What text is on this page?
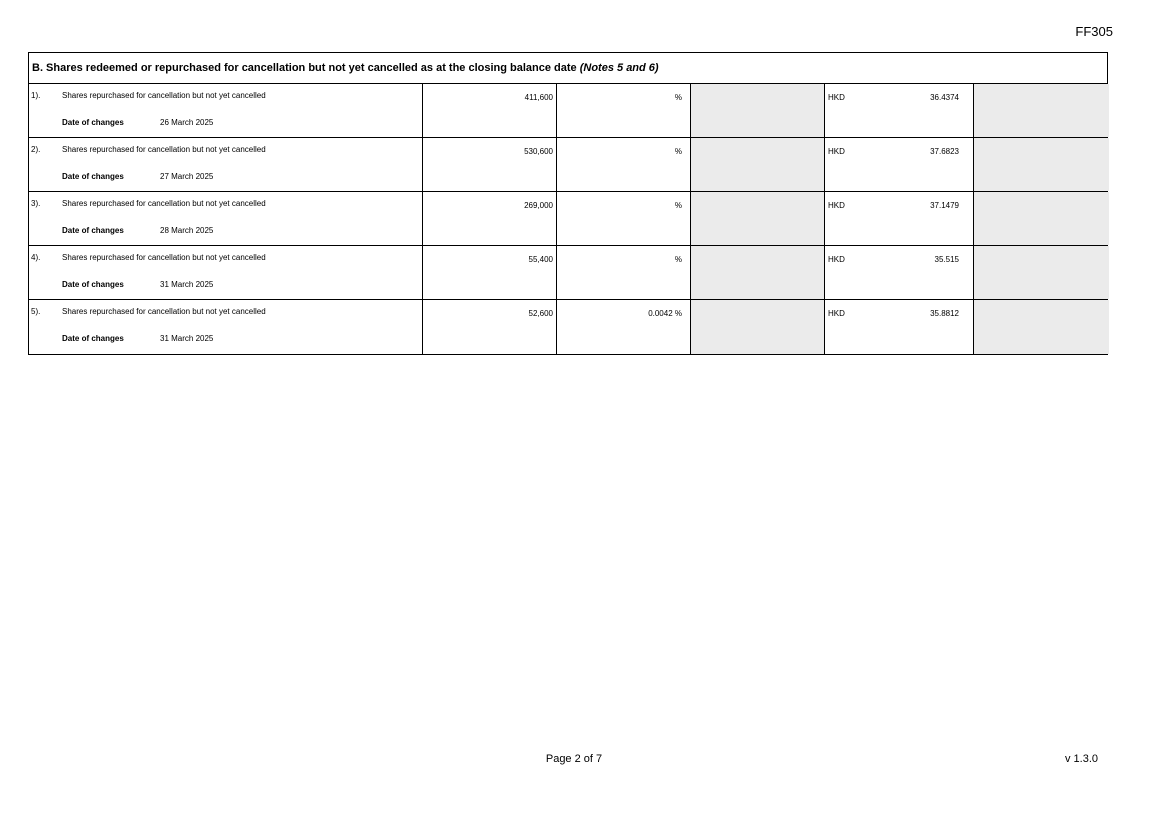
FF305
B. Shares redeemed or repurchased for cancellation but not yet cancelled as at the closing balance date (Notes 5 and 6)
1).	Shares repurchased for cancellation but not yet cancelled
Date of changes	26 March 2025
411,600	%	HKD	36.4374
2).	Shares repurchased for cancellation but not yet cancelled
Date of changes	27 March 2025
530,600	%	HKD	37.6823
3).	Shares repurchased for cancellation but not yet cancelled
Date of changes	28 March 2025
269,000	%	HKD	37.1479
4).	Shares repurchased for cancellation but not yet cancelled
Date of changes	31 March 2025
55,400	%	HKD	35.515
5).	Shares repurchased for cancellation but not yet cancelled
Date of changes	31 March 2025
52,600	0.0042 %	HKD	35.8812
Page 2 of 7	v 1.3.0
